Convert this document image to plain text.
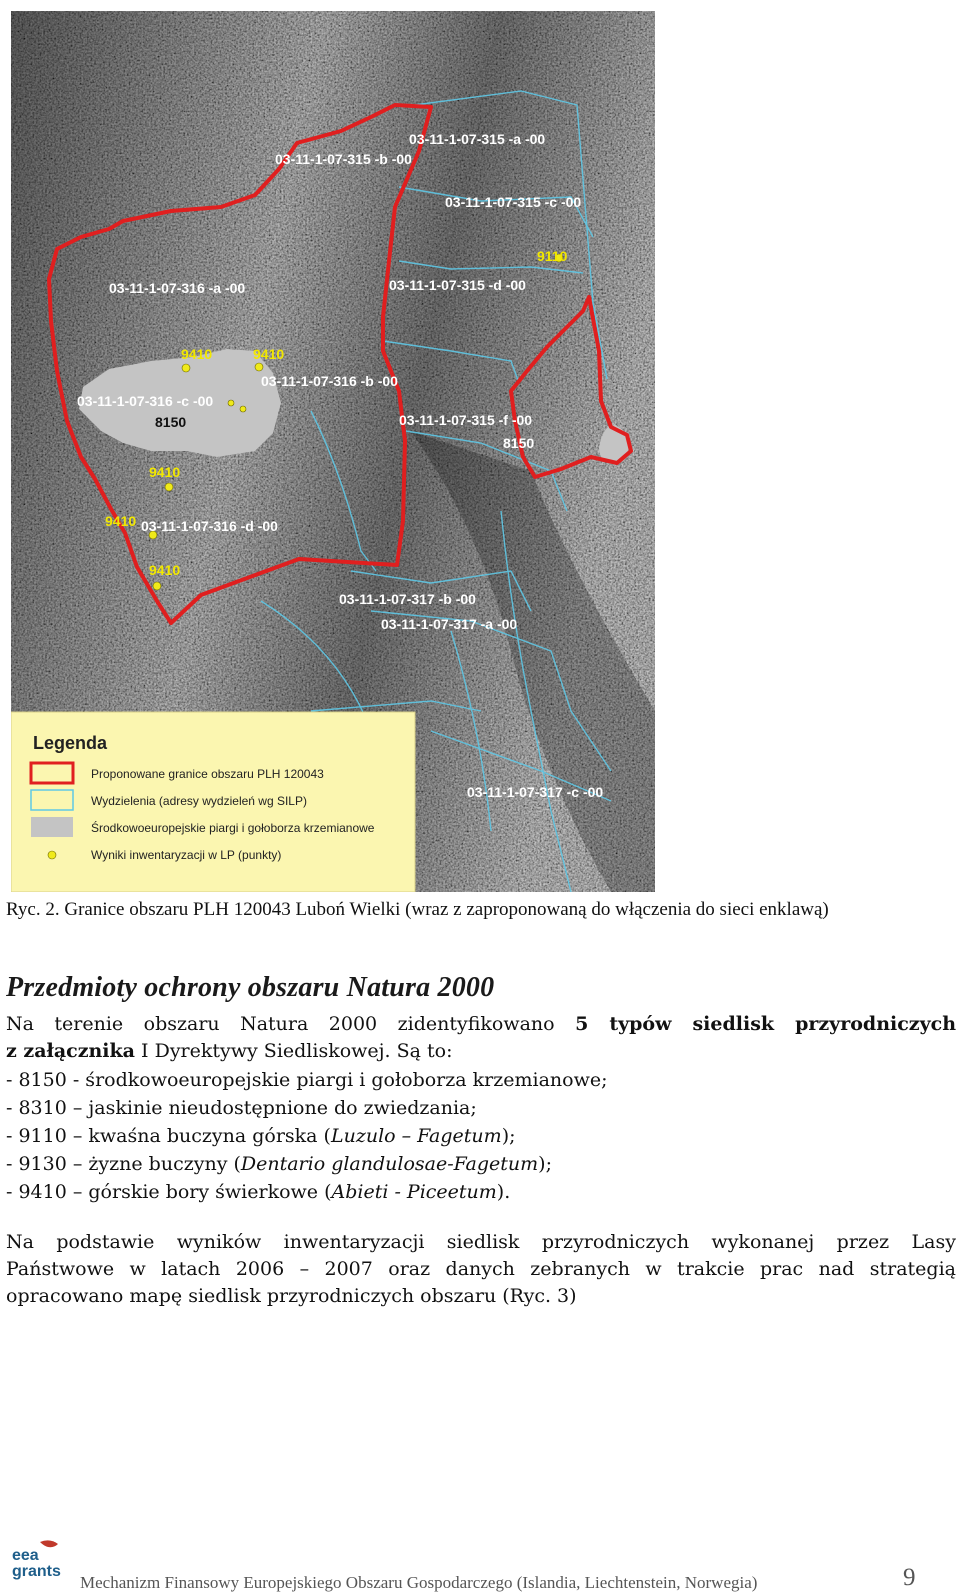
03-11-1-07-315 -b -00
03-11-1-07-315 -a -00
03-11-1-07-315 -c -00
03-11-1-07-316 -a -00	03-11-1-07-315 -d -00
03-11-1-07-316 -b -00
03-11-1-07-316 -c -00
03-11-1-07-315 -f -00
03-11-1-07-316 -d -00
03-11-1-07-317 -b -00
03-11-1-07-317 -a -00
03-11-1-07-317 -c -00
9110
9410	9410
9410
9410
9410
8150
8150
Legenda
Proponowane granice obszaru PLH 120043
Wydzielenia (adresy wydzieleń wg SILP)
Środkowoeuropejskie piargi i gołoborza krzemianowe
Wyniki inwentaryzacji w LP (punkty)
Ryc. 2. Granice obszaru PLH 120043 Luboń Wielki (wraz z zaproponowaną do włączenia do sieci enklawą)
Przedmioty ochrony obszaru Natura 2000
Na terenie obszaru Natura 2000 zidentyfikowano 5 typów siedlisk przyrodniczych
z załącznika I Dyrektywy Siedliskowej. Są to:
- 8150 - środkowoeuropejskie piargi i gołoborza krzemianowe;
- 8310 – jaskinie nieudostępnione do zwiedzania;
- 9110 – kwaśna buczyna górska (Luzulo – Fagetum);
- 9130 – żyzne buczyny (Dentario glandulosae-Fagetum);
- 9410 – górskie bory świerkowe (Abieti - Piceetum).
Na podstawie wyników inwentaryzacji siedlisk przyrodniczych wykonanej przez Lasy
Państwowe w latach 2006 – 2007 oraz danych zebranych w trakcie prac nad strategią
opracowano mapę siedlisk przyrodniczych obszaru (Ryc. 3)
eea
grants
Mechanizm Finansowy Europejskiego Obszaru Gospodarczego (Islandia, Liechtenstein, Norwegia)	9
